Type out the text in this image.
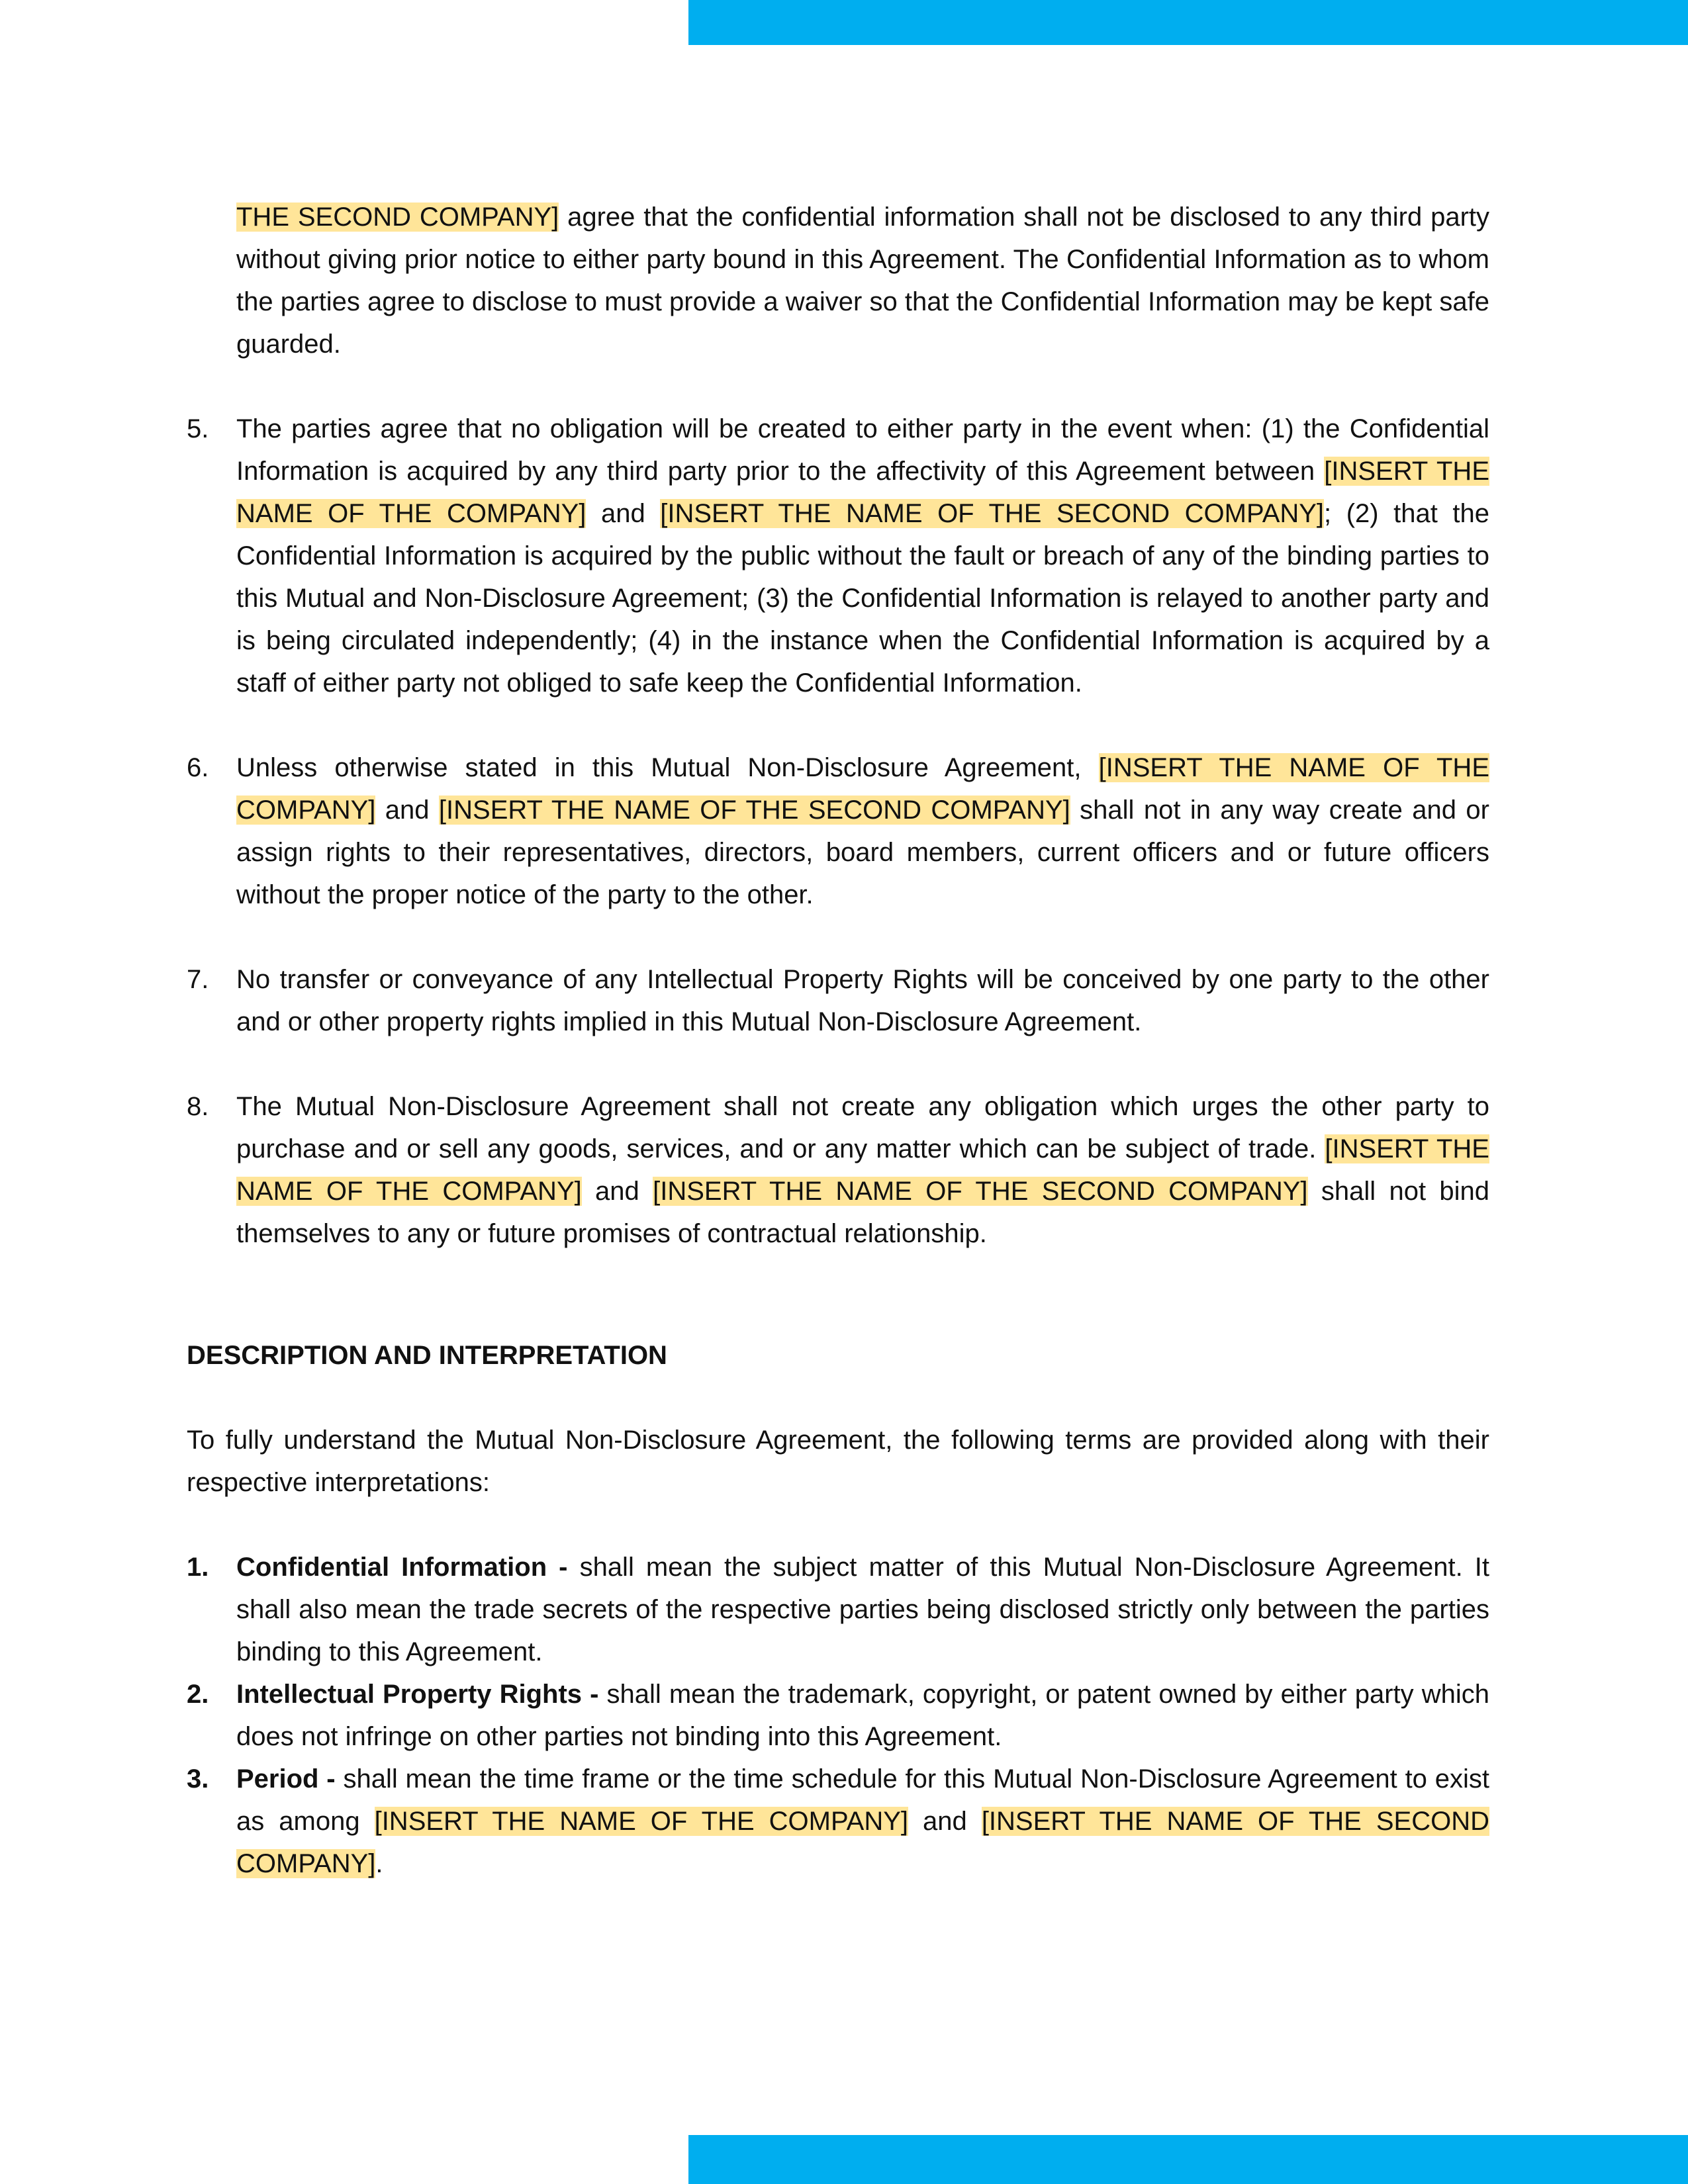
THE SECOND COMPANY] agree that the confidential information shall not be disclosed to any third party without giving prior notice to either party bound in this Agreement. The Confidential Information as to whom the parties agree to disclose to must provide a waiver so that the Confidential Information may be kept safe guarded.

5. The parties agree that no obligation will be created to either party in the event when: (1) the Confidential Information is acquired by any third party prior to the affectivity of this Agreement between [INSERT THE NAME OF THE COMPANY] and [INSERT THE NAME OF THE SECOND COMPANY]; (2) that the Confidential Information is acquired by the public without the fault or breach of any of the binding parties to this Mutual and Non-Disclosure Agreement; (3) the Confidential Information is relayed to another party and is being circulated independently; (4) in the instance when the Confidential Information is acquired by a staff of either party not obliged to safe keep the Confidential Information.
6. Unless otherwise stated in this Mutual Non-Disclosure Agreement, [INSERT THE NAME OF THE COMPANY] and [INSERT THE NAME OF THE SECOND COMPANY] shall not in any way create and or assign rights to their representatives, directors, board members, current officers and or future officers without the proper notice of the party to the other.
7. No transfer or conveyance of any Intellectual Property Rights will be conceived by one party to the other and or other property rights implied in this Mutual Non-Disclosure Agreement.
8. The Mutual Non-Disclosure Agreement shall not create any obligation which urges the other party to purchase and or sell any goods, services, and or any matter which can be subject of trade. [INSERT THE NAME OF THE COMPANY] and [INSERT THE NAME OF THE SECOND COMPANY] shall not bind themselves to any or future promises of contractual relationship.
DESCRIPTION AND INTERPRETATION

To fully understand the Mutual Non-Disclosure Agreement, the following terms are provided along with their respective interpretations:

1. Confidential Information - shall mean the subject matter of this Mutual Non-Disclosure Agreement. It shall also mean the trade secrets of the respective parties being disclosed strictly only between the parties binding to this Agreement.
2. Intellectual Property Rights - shall mean the trademark, copyright, or patent owned by either party which does not infringe on other parties not binding into this Agreement.
3. Period - shall mean the time frame or the time schedule for this Mutual Non-Disclosure Agreement to exist as among [INSERT THE NAME OF THE COMPANY] and [INSERT THE NAME OF THE SECOND COMPANY].
